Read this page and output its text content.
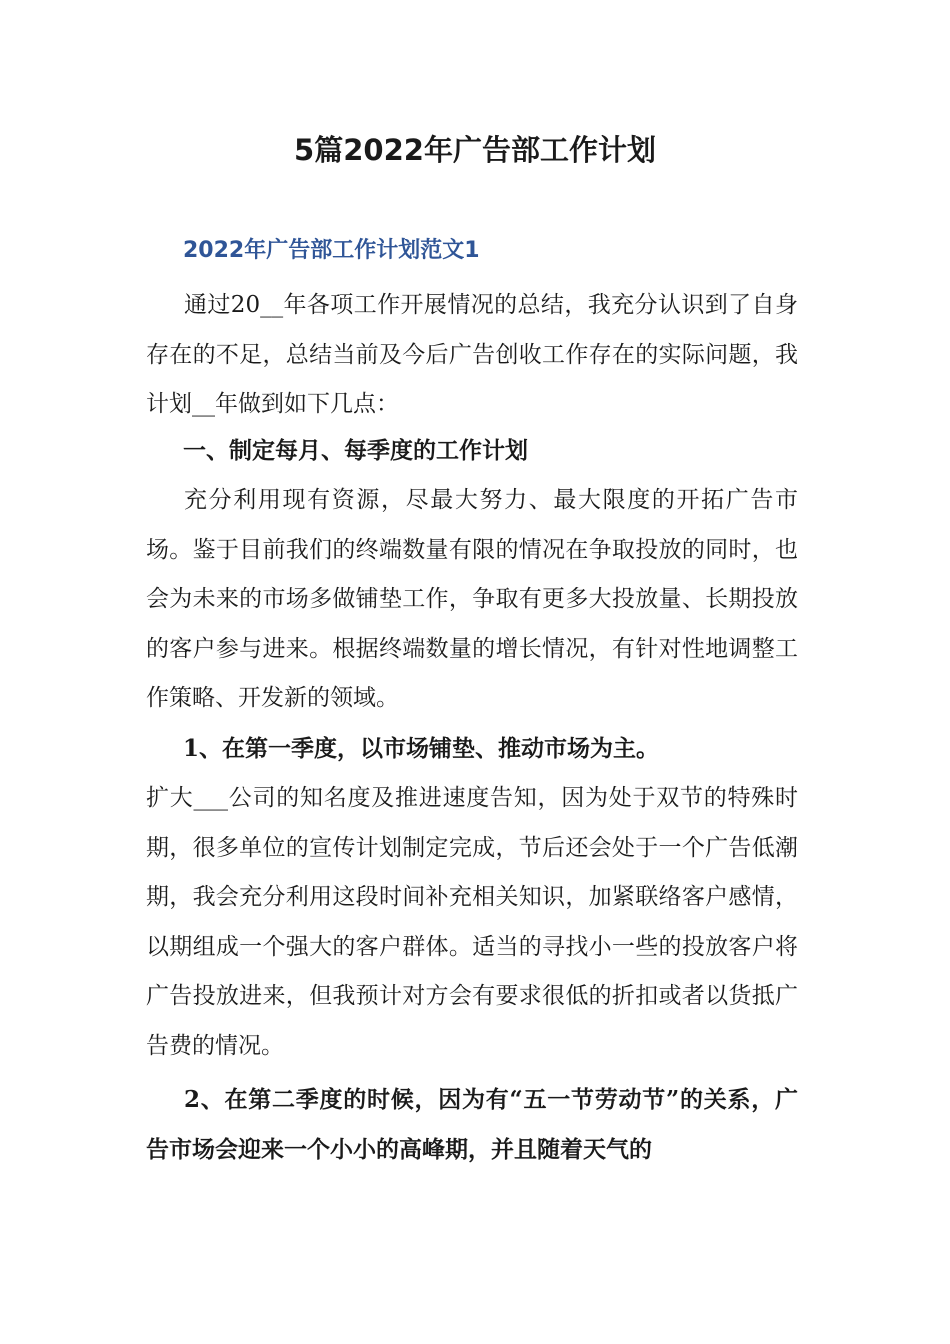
5篇2022年广告部工作计划
2022年广告部工作计划范文1

通过20__年各项工作开展情况的总结，我充分认识到了自身存在的不足，总结当前及今后广告创收工作存在的实际问题，我计划__年做到如下几点：

一、制定每月、每季度的工作计划

充分利用现有资源，尽最大努力、最大限度的开拓广告市场。鉴于目前我们的终端数量有限的情况在争取投放的同时，也会为未来的市场多做铺垫工作，争取有更多大投放量、长期投放的客户参与进来。根据终端数量的增长情况，有针对性地调整工作策略、开发新的领域。

1、在第一季度，以市场铺垫、推动市场为主。

扩大___公司的知名度及推进速度告知，因为处于双节的特殊时期，很多单位的宣传计划制定完成，节后还会处于一个广告低潮期，我会充分利用这段时间补充相关知识，加紧联络客户感情，以期组成一个强大的客户群体。适当的寻找小一些的投放客户将广告投放进来，但我预计对方会有要求很低的折扣或者以货抵广告费的情况。

2、在第二季度的时候，因为有“五一节劳动节”的关系，广告市场会迎来一个小小的高峰期，并且随着天气的
